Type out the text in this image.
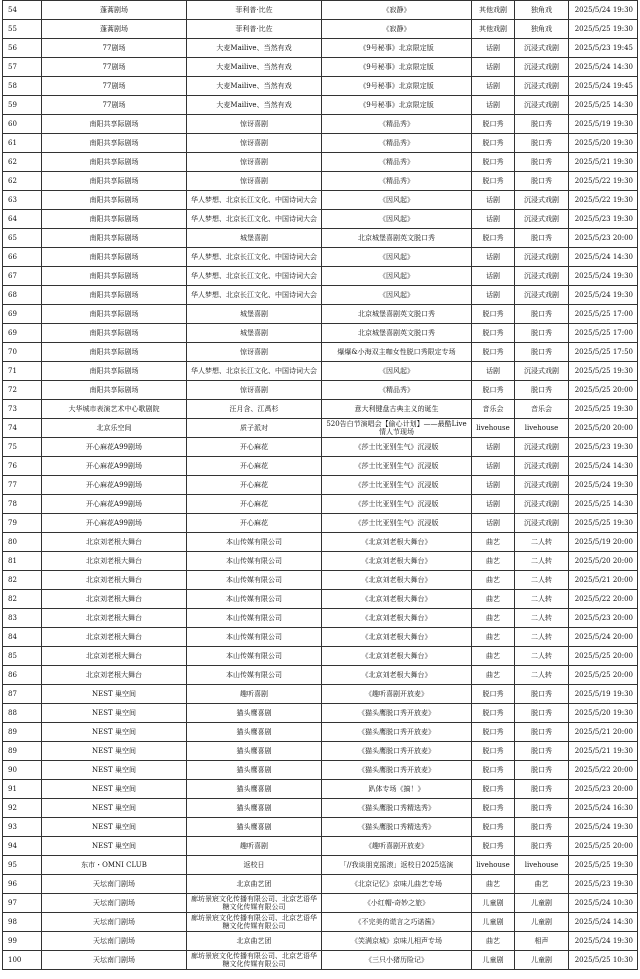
54	蓬蒿剧场	菲利普·比佐	《寂静》	其他戏剧	独角戏	2025/5/24 19:30
55	蓬蒿剧场	菲利普·比佐	《寂静》	其他戏剧	独角戏	2025/5/25 19:30
56	77剧场	大麦Mailive、当然有戏	《9号秘事》北京限定版	话剧	沉浸式戏剧	2025/5/23 19:45
57	77剧场	大麦Mailive、当然有戏	《9号秘事》北京限定版	话剧	沉浸式戏剧	2025/5/24 14:30
58	77剧场	大麦Mailive、当然有戏	《9号秘事》北京限定版	话剧	沉浸式戏剧	2025/5/24 19:45
59	77剧场	大麦Mailive、当然有戏	《9号秘事》北京限定版	话剧	沉浸式戏剧	2025/5/25 14:30
60	南阳共享际剧场	惊讶喜剧	《精品秀》	脱口秀	脱口秀	2025/5/19 19:30
61	南阳共享际剧场	惊讶喜剧	《精品秀》	脱口秀	脱口秀	2025/5/20 19:30
62	南阳共享际剧场	惊讶喜剧	《精品秀》	脱口秀	脱口秀	2025/5/21 19:30
62	南阳共享际剧场	惊讶喜剧	《精品秀》	脱口秀	脱口秀	2025/5/22 19:30
63	南阳共享际剧场	华人梦想、北京长江文化、中国诗词大会	《因风起》	话剧	沉浸式戏剧	2025/5/22 19:30
64	南阳共享际剧场	华人梦想、北京长江文化、中国诗词大会	《因风起》	话剧	沉浸式戏剧	2025/5/23 19:30
65	南阳共享际剧场	城堡喜剧	北京城堡喜剧英文脱口秀	脱口秀	脱口秀	2025/5/23 20:00
66	南阳共享际剧场	华人梦想、北京长江文化、中国诗词大会	《因风起》	话剧	沉浸式戏剧	2025/5/24 14:30
67	南阳共享际剧场	华人梦想、北京长江文化、中国诗词大会	《因风起》	话剧	沉浸式戏剧	2025/5/24 19:30
68	南阳共享际剧场	华人梦想、北京长江文化、中国诗词大会	《因风起》	话剧	沉浸式戏剧	2025/5/24 19:30
69	南阳共享际剧场	城堡喜剧	北京城堡喜剧英文脱口秀	脱口秀	脱口秀	2025/5/25 17:00
69	南阳共享际剧场	城堡喜剧	北京城堡喜剧英文脱口秀	脱口秀	脱口秀	2025/5/25 17:00
70	南阳共享际剧场	惊讶喜剧	爆爆&小海双主咖女性脱口秀限定专场	脱口秀	脱口秀	2025/5/25 17:50
71	南阳共享际剧场	华人梦想、北京长江文化、中国诗词大会	《因风起》	话剧	沉浸式戏剧	2025/5/25 19:30
72	南阳共享际剧场	惊讶喜剧	《精品秀》	脱口秀	脱口秀	2025/5/25 20:00
73	大华城市表演艺术中心歌剧院	汪月含、江禹杉	意大利键盘古典主义的诞生	音乐会	音乐会	2025/5/25 19:30
74	北京乐空间	质子派对	520告白节演唱会【偷心计划】——最酷Live情人节现场	livehouse	livehouse	2025/5/20 20:00
75	开心麻花A99剧场	开心麻花	《莎士比亚别生气》沉浸版	话剧	沉浸式戏剧	2025/5/23 19:30
76	开心麻花A99剧场	开心麻花	《莎士比亚别生气》沉浸版	话剧	沉浸式戏剧	2025/5/24 14:30
77	开心麻花A99剧场	开心麻花	《莎士比亚别生气》沉浸版	话剧	沉浸式戏剧	2025/5/24 19:30
78	开心麻花A99剧场	开心麻花	《莎士比亚别生气》沉浸版	话剧	沉浸式戏剧	2025/5/25 14:30
79	开心麻花A99剧场	开心麻花	《莎士比亚别生气》沉浸版	话剧	沉浸式戏剧	2025/5/25 19:30
80	北京刘老根大舞台	本山传媒有限公司	《北京刘老根大舞台》	曲艺	二人转	2025/5/19 20:00
81	北京刘老根大舞台	本山传媒有限公司	《北京刘老根大舞台》	曲艺	二人转	2025/5/20 20:00
82	北京刘老根大舞台	本山传媒有限公司	《北京刘老根大舞台》	曲艺	二人转	2025/5/21 20:00
82	北京刘老根大舞台	本山传媒有限公司	《北京刘老根大舞台》	曲艺	二人转	2025/5/22 20:00
83	北京刘老根大舞台	本山传媒有限公司	《北京刘老根大舞台》	曲艺	二人转	2025/5/23 20:00
84	北京刘老根大舞台	本山传媒有限公司	《北京刘老根大舞台》	曲艺	二人转	2025/5/24 20:00
85	北京刘老根大舞台	本山传媒有限公司	《北京刘老根大舞台》	曲艺	二人转	2025/5/25 20:00
86	北京刘老根大舞台	本山传媒有限公司	《北京刘老根大舞台》	曲艺	二人转	2025/5/25 20:00
87	NEST 巢空间	趣听喜剧	《趣听喜剧开放麦》	脱口秀	脱口秀	2025/5/19 19:30
88	NEST 巢空间	猫头鹰喜剧	《猫头鹰脱口秀开放麦》	脱口秀	脱口秀	2025/5/20 19:30
89	NEST 巢空间	猫头鹰喜剧	《猫头鹰脱口秀开放麦》	脱口秀	脱口秀	2025/5/21 20:00
89	NEST 巢空间	猫头鹰喜剧	《猫头鹰脱口秀开放麦》	脱口秀	脱口秀	2025/5/21 19:30
90	NEST 巢空间	猫头鹰喜剧	《猫头鹰脱口秀开放麦》	脱口秀	脱口秀	2025/5/22 20:00
91	NEST 巢空间	猫头鹰喜剧	趴体专场《搞！》	脱口秀	脱口秀	2025/5/23 20:00
92	NEST 巢空间	猫头鹰喜剧	《猫头鹰脱口秀精选秀》	脱口秀	脱口秀	2025/5/24 16:30
93	NEST 巢空间	猫头鹰喜剧	《猫头鹰脱口秀精选秀》	脱口秀	脱口秀	2025/5/24 19:30
94	NEST 巢空间	趣听喜剧	《趣听喜剧开放麦》	脱口秀	脱口秀	2025/5/25 20:00
95	东市・OMNI CLUB	返校日	「//我谈朋克摇滚」返校日2025巡演	livehouse	livehouse	2025/5/25 19:30
96	天坛南门剧场	北京曲艺团	《北京记忆》京味儿曲艺专场	曲艺	曲艺	2025/5/23 19:30
97	天坛南门剧场	廊坊景宸文化传播有限公司、北京艺语华糖文化传媒有限公司	《小红帽-奇妙之旅》	儿童剧	儿童剧	2025/5/24 10:30
98	天坛南门剧场	廊坊景宸文化传播有限公司、北京艺语华糖文化传媒有限公司	《不完美的谎言之巧诺酱》	儿童剧	儿童剧	2025/5/24 14:30
99	天坛南门剧场	北京曲艺团	《笑满京城》京味儿相声专场	曲艺	相声	2025/5/24 19:30
100	天坛南门剧场	廊坊景宸文化传播有限公司、北京艺语华糖文化传媒有限公司	《三只小猪历险记》	儿童剧	儿童剧	2025/5/25 10:30
